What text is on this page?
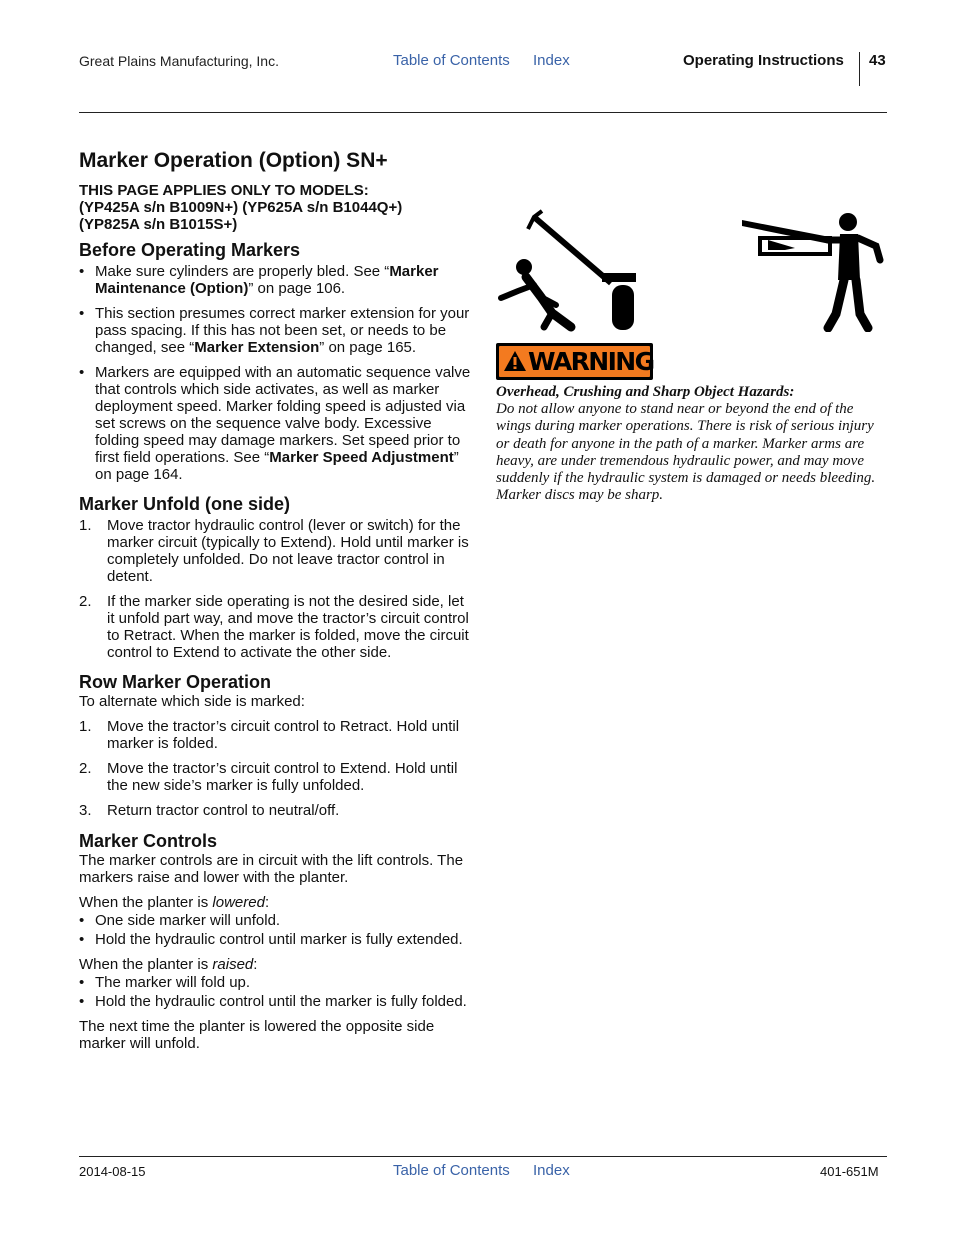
Great Plains Manufacturing, Inc.	Table of Contents Index	Operating Instructions 43
Marker Operation (Option) SN+
THIS PAGE APPLIES ONLY TO MODELS:
(YP425A s/n B1009N+) (YP625A s/n B1044Q+)
(YP825A s/n B1015S+)
Before Operating Markers
• Make sure cylinders are properly bled. See “Marker Maintenance (Option)” on page 106.
• This section presumes correct marker extension for your pass spacing. If this has not been set, or needs to be changed, see “Marker Extension” on page 165.
• Markers are equipped with an automatic sequence valve that controls which side activates, as well as marker deployment speed. Marker folding speed is adjusted via set screws on the sequence valve body. Excessive folding speed may damage markers. Set speed prior to first field operations. See “Marker Speed Adjustment” on page 164.
Marker Unfold (one side)
1. Move tractor hydraulic control (lever or switch) for the marker circuit (typically to Extend). Hold until marker is completely unfolded. Do not leave tractor control in detent.
2. If the marker side operating is not the desired side, let it unfold part way, and move the tractor’s circuit control to Retract. When the marker is folded, move the circuit control to Extend to activate the other side.
Row Marker Operation

To alternate which side is marked:

1. Move the tractor’s circuit control to Retract. Hold until marker is folded.
2. Move the tractor’s circuit control to Extend. Hold until the new side’s marker is fully unfolded.
3. Return tractor control to neutral/off.
Marker Controls

The marker controls are in circuit with the lift controls. The markers raise and lower with the planter.

When the planter is lowered:

• One side marker will unfold.
• Hold the hydraulic control until marker is fully extended.

When the planter is raised:

• The marker will fold up.
• Hold the hydraulic control until the marker is fully folded.

The next time the planter is lowered the opposite side marker will unfold.

WARNING
Overhead, Crushing and Sharp Object Hazards:
Do not allow anyone to stand near or beyond the end of the wings during marker operations. There is risk of serious injury or death for anyone in the path of a marker. Marker arms are heavy, are under tremendous hydraulic power, and may move suddenly if the hydraulic system is damaged or needs bleeding. Marker discs may be sharp.
2014-08-15	Table of Contents Index	401-651M
